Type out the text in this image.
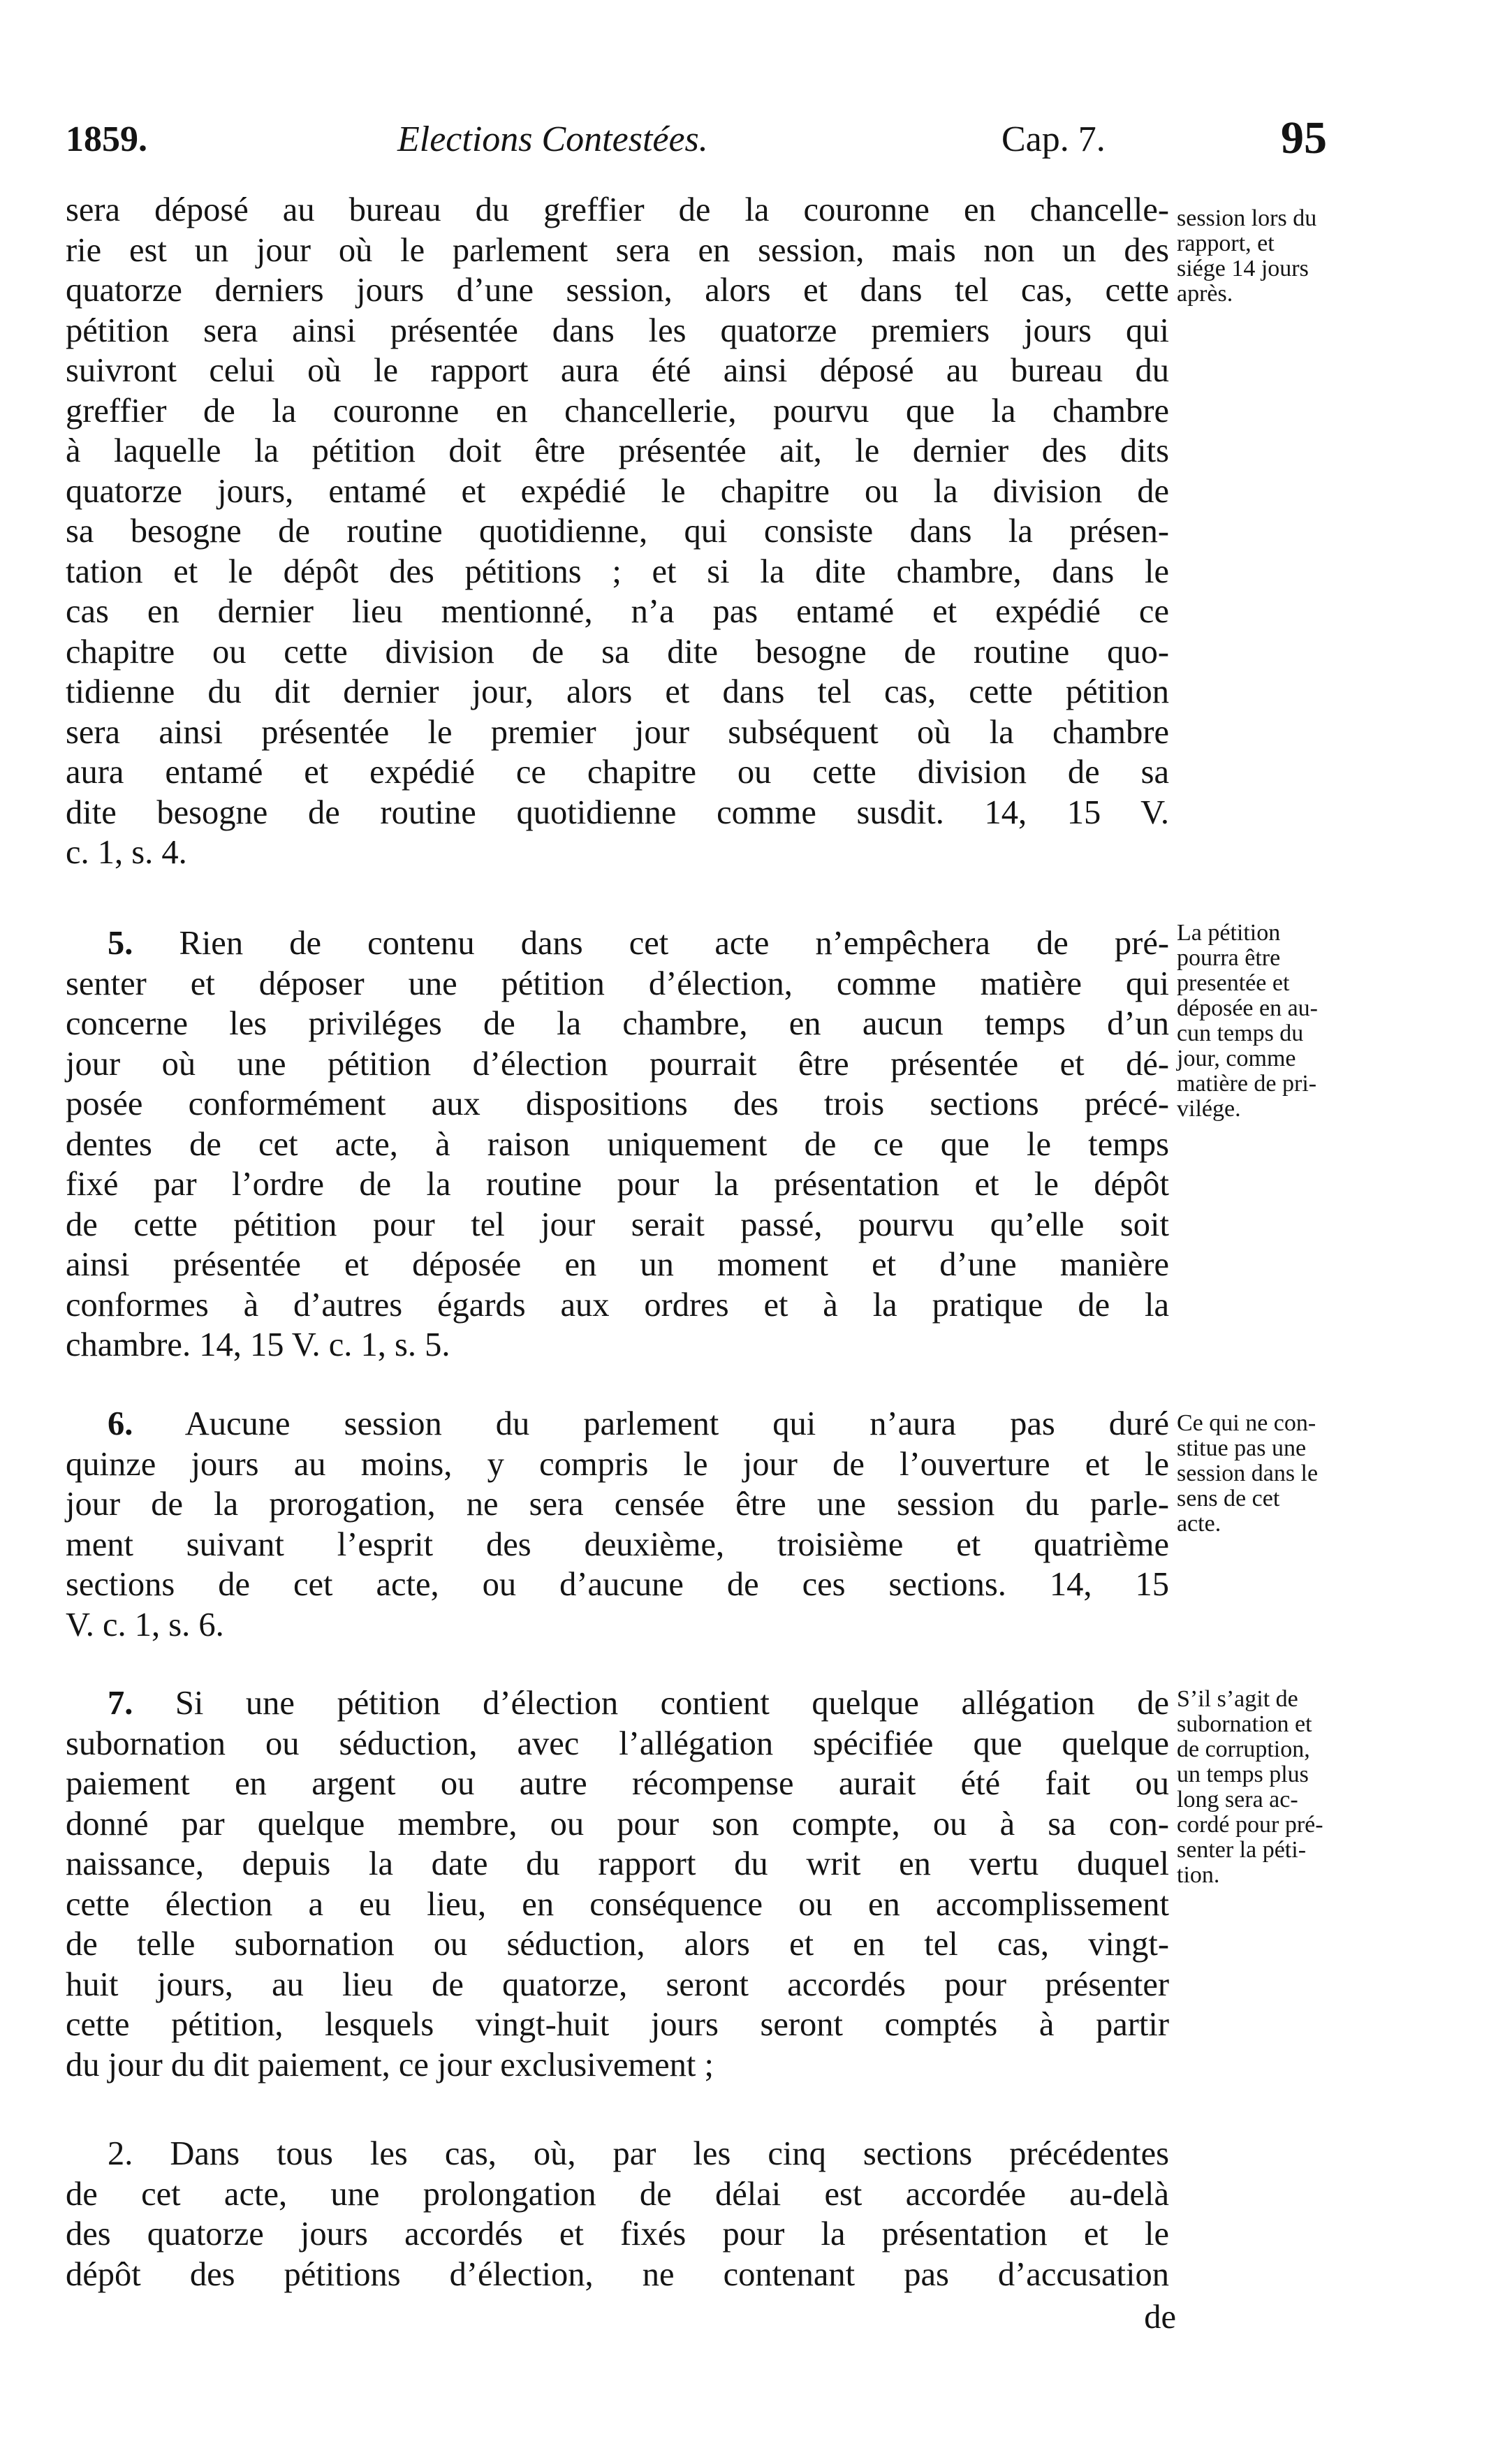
1859.	Elections Contestées.	Cap. 7.	95
sera déposé au bureau du greffier de la couronne en chancelle-
rie est un jour où le parlement sera en session, mais non un des
quatorze derniers jours d’une session, alors et dans tel cas, cette
pétition sera ainsi présentée dans les quatorze premiers jours qui
suivront celui où le rapport aura été ainsi déposé au bureau du
greffier de la couronne en chancellerie, pourvu que la chambre
à laquelle la pétition doit être présentée ait, le dernier des dits
quatorze jours, entamé et expédié le chapitre ou la division de
sa besogne de routine quotidienne, qui consiste dans la présen-
tation et le dépôt des pétitions ; et si la dite chambre, dans le
cas en dernier lieu mentionné, n’a pas entamé et expédié ce
chapitre ou cette division de sa dite besogne de routine quo-
tidienne du dit dernier jour, alors et dans tel cas, cette pétition
sera ainsi présentée le premier jour subséquent où la chambre
aura entamé et expédié ce chapitre ou cette division de sa
dite besogne de routine quotidienne comme susdit. 14, 15 V.
c. 1, s. 4.
5. Rien de contenu dans cet acte n’empêchera de pré-
senter et déposer une pétition d’élection, comme matière qui
concerne les priviléges de la chambre, en aucun temps d’un
jour où une pétition d’élection pourrait être présentée et dé-
posée conformément aux dispositions des trois sections précé-
dentes de cet acte, à raison uniquement de ce que le temps
fixé par l’ordre de la routine pour la présentation et le dépôt
de cette pétition pour tel jour serait passé, pourvu qu’elle soit
ainsi présentée et déposée en un moment et d’une manière
conformes à d’autres égards aux ordres et à la pratique de la
chambre. 14, 15 V. c. 1, s. 5.
6. Aucune session du parlement qui n’aura pas duré
quinze jours au moins, y compris le jour de l’ouverture et le
jour de la prorogation, ne sera censée être une session du parle-
ment suivant l’esprit des deuxième, troisième et quatrième
sections de cet acte, ou d’aucune de ces sections. 14, 15
V. c. 1, s. 6.
7. Si une pétition d’élection contient quelque allégation de
subornation ou séduction, avec l’allégation spécifiée que quelque
paiement en argent ou autre récompense aurait été fait ou
donné par quelque membre, ou pour son compte, ou à sa con-
naissance, depuis la date du rapport du writ en vertu duquel
cette élection a eu lieu, en conséquence ou en accomplissement
de telle subornation ou séduction, alors et en tel cas, vingt-
huit jours, au lieu de quatorze, seront accordés pour présenter
cette pétition, lesquels vingt-huit jours seront comptés à partir
du jour du dit paiement, ce jour exclusivement ;
2. Dans tous les cas, où, par les cinq sections précédentes
de cet acte, une prolongation de délai est accordée au-delà
des quatorze jours accordés et fixés pour la présentation et le
dépôt des pétitions d’élection, ne contenant pas d’accusation
de
session lors du
rapport, et
siége 14 jours
après.
La pétition
pourra être
presentée et
déposée en au-
cun temps du
jour, comme
matière de pri-
vilége.
Ce qui ne con-
stitue pas une
session dans le
sens de cet
acte.
S’il s’agit de
subornation et
de corruption,
un temps plus
long sera ac-
cordé pour pré-
senter la péti-
tion.
